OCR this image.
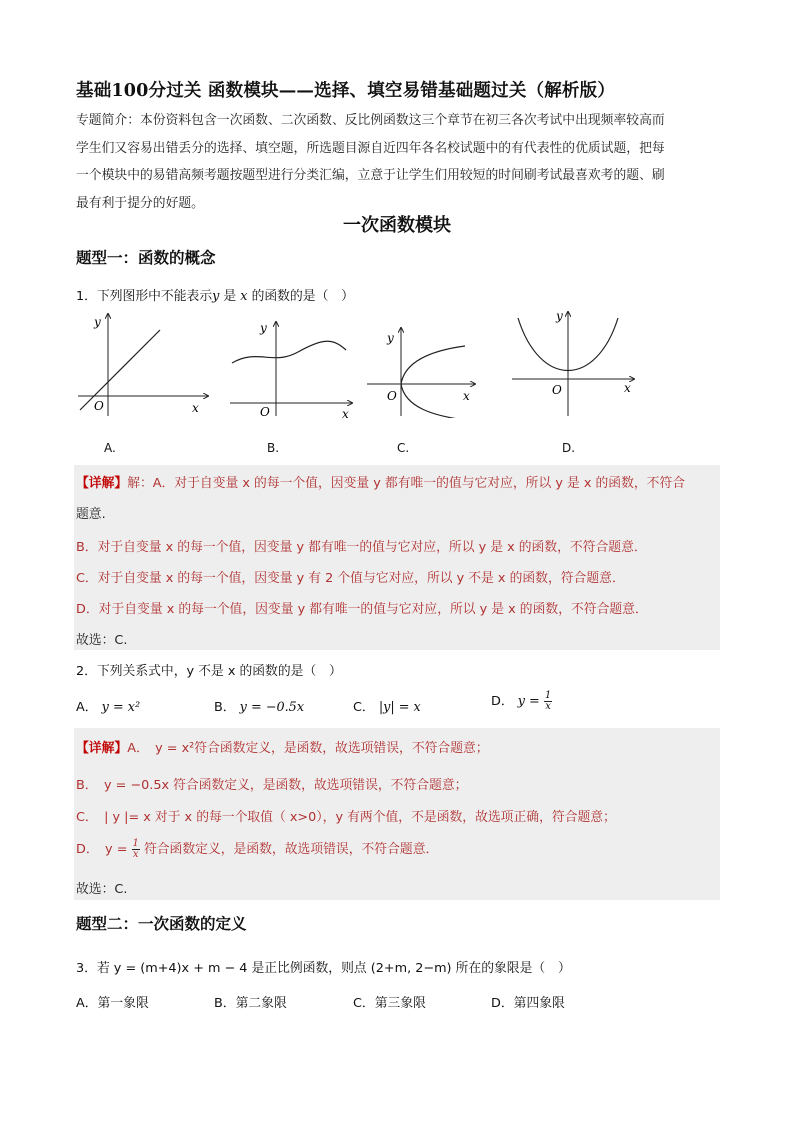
基础100分过关 函数模块——选择、填空易错基础题过关（解析版）

专题简介：本份资料包含一次函数、二次函数、反比例函数这三个章节在初三各次考试中出现频率较高而

学生们又容易出错丢分的选择、填空题，所选题目源自近四年各名校试题中的有代表性的优质试题，把每

一个模块中的易错高频考题按题型进行分类汇编，立意于让学生们用较短的时间刷考试最喜欢考的题、刷

最有利于提分的好题。

一次函数模块
题型一：函数的概念
1．下列图形中不能表示y 是 x 的函数的是（　）
y
x
O
y
x
O
y
x
O
y
x
O
A.	B.	C.	D.
【详解】解：A．对于自变量 x 的每一个值，因变量 y 都有唯一的值与它对应，所以 y 是 x 的函数，不符合
题意.
B．对于自变量 x 的每一个值，因变量 y 都有唯一的值与它对应，所以 y 是 x 的函数，不符合题意．
C．对于自变量 x 的每一个值，因变量 y 有 2 个值与它对应，所以 y 不是 x 的函数，符合题意．
D．对于自变量 x 的每一个值，因变量 y 都有唯一的值与它对应，所以 y 是 x 的函数，不符合题意．
故选：C.
2．下列关系式中，y 不是 x 的函数的是（　）
A． y = x²	B． y = −0.5x	C． |y| = x	D． $y = \frac{1}{x}$
【详解】A．　y = x²符合函数定义，是函数，故选项错误，不符合题意；
B．　y = −0.5x 符合函数定义，是函数，故选项错误，不符合题意；
C．　| y |= x 对于 x 的每一个取值（ x>0），y 有两个值，不是函数，故选项正确，符合题意；
D．　$y = \frac{1}{x}$ 符合函数定义，是函数，故选项错误，不符合题意．
故选：C.
题型二：一次函数的定义
3．若 y = (m+4)x + m − 4 是正比例函数，则点 (2+m, 2−m) 所在的象限是（　）
A．第一象限	B．第二象限	C．第三象限	D．第四象限
